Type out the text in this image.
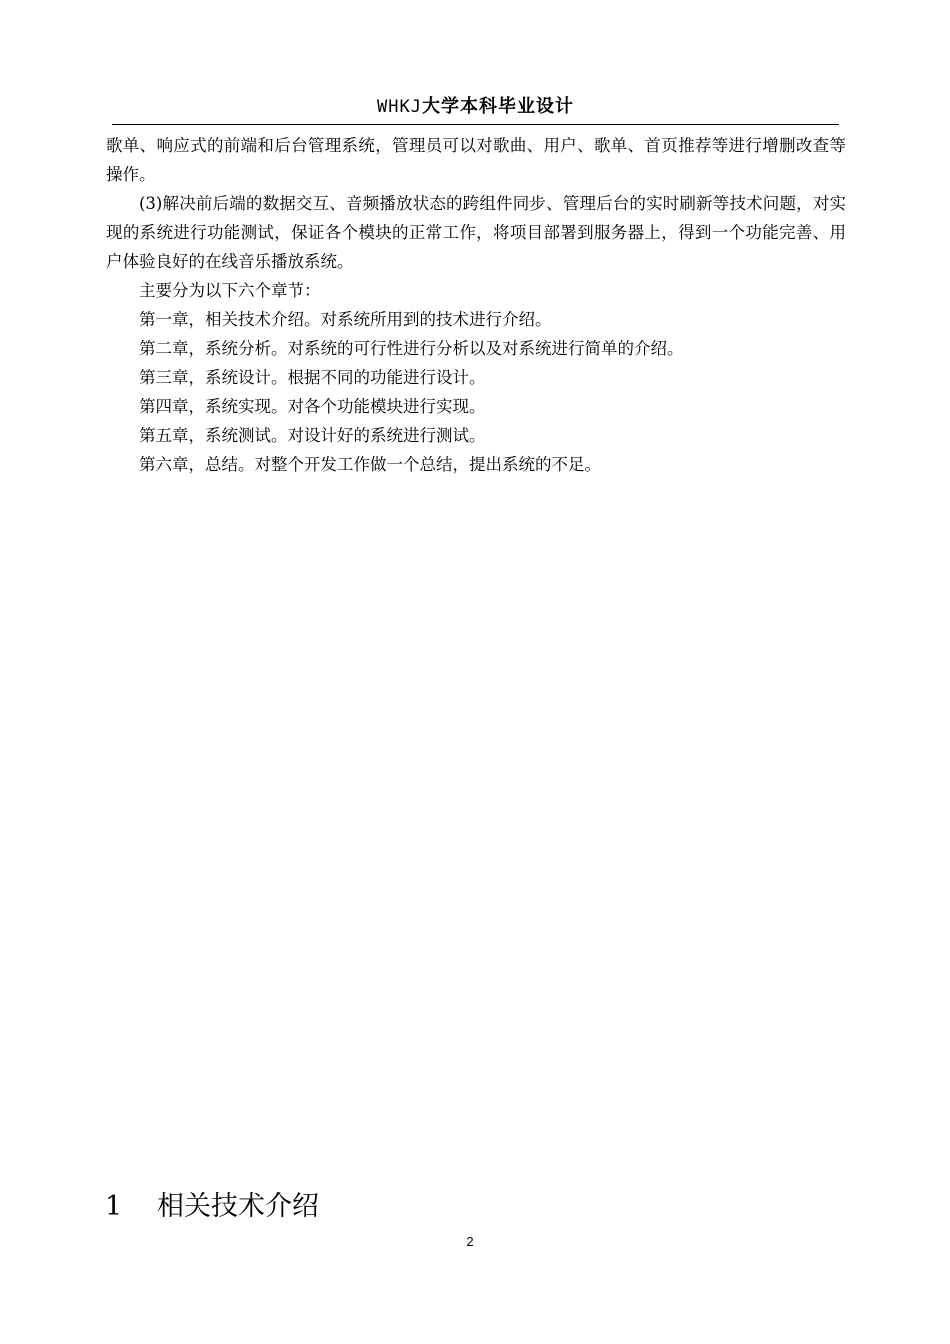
WHKJ大学本科毕业设计

歌单、响应式的前端和后台管理系统，管理员可以对歌曲、用户、歌单、首页推荐等进行增删改查等操作。

(3)解决前后端的数据交互、音频播放状态的跨组件同步、管理后台的实时刷新等技术问题，对实现的系统进行功能测试，保证各个模块的正常工作，将项目部署到服务器上，得到一个功能完善、用户体验良好的在线音乐播放系统。

主要分为以下六个章节：

第一章，相关技术介绍。对系统所用到的技术进行介绍。

第二章，系统分析。对系统的可行性进行分析以及对系统进行简单的介绍。

第三章，系统设计。根据不同的功能进行设计。

第四章，系统实现。对各个功能模块进行实现。

第五章，系统测试。对设计好的系统进行测试。

第六章，总结。对整个开发工作做一个总结，提出系统的不足。

1 相关技术介绍
2
